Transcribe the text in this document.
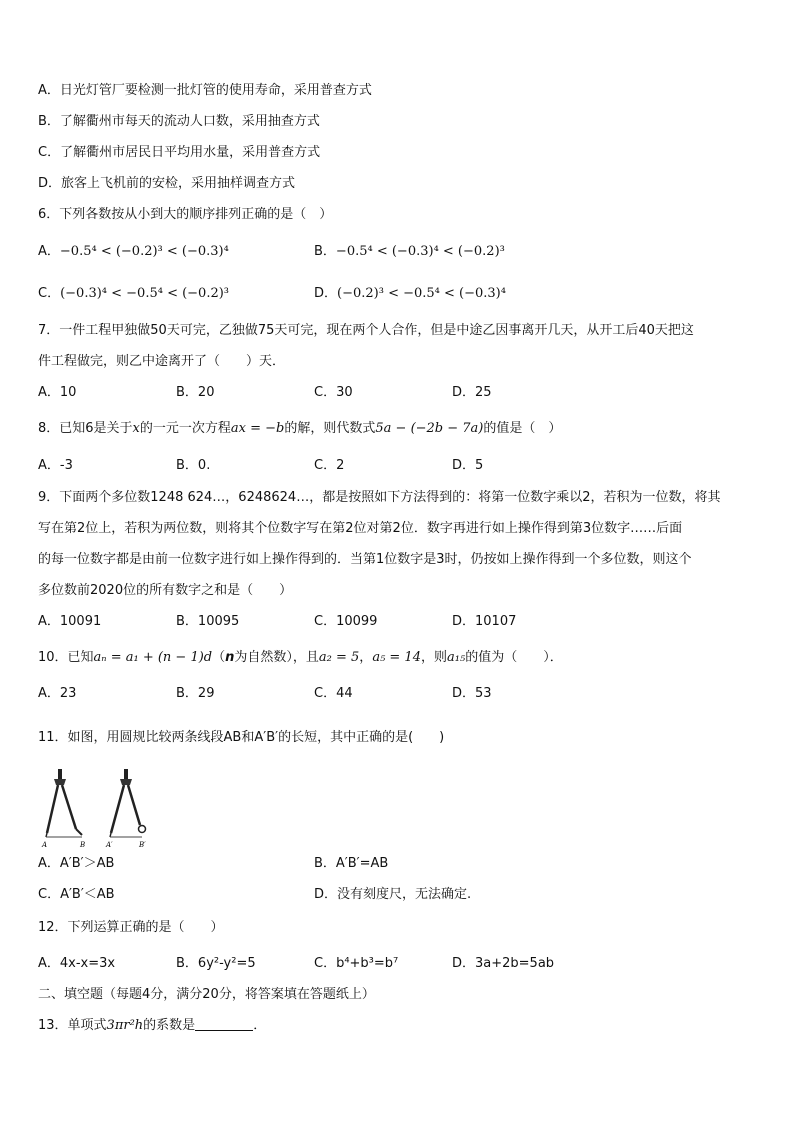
A．日光灯管厂要检测一批灯管的使用寿命，采用普查方式
B．了解衢州市每天的流动人口数，采用抽查方式
C．了解衢州市居民日平均用水量，采用普查方式
D．旅客上飞机前的安检，采用抽样调查方式
6．下列各数按从小到大的顺序排列正确的是（　）
A．−0.5⁴ < (−0.2)³ < (−0.3)⁴	B．−0.5⁴ < (−0.3)⁴ < (−0.2)³
C．(−0.3)⁴ < −0.5⁴ < (−0.2)³	D．(−0.2)³ < −0.5⁴ < (−0.3)⁴
7．一件工程甲独做50天可完，乙独做75天可完，现在两个人合作，但是中途乙因事离开几天，从开工后40天把这
件工程做完，则乙中途离开了（　　）天．
A．10	B．20	C．30	D．25
8．已知6是关于x的一元一次方程ax = −b的解，则代数式5a − (−2b − 7a)的值是（　）
A．-3	B．0.	C．2	D．5
9．下面两个多位数1248 624…，6248624…，都是按照如下方法得到的：将第一位数字乘以2，若积为一位数，将其
写在第2位上，若积为两位数，则将其个位数字写在第2位对第2位．数字再进行如上操作得到第3位数字……后面
的每一位数字都是由前一位数字进行如上操作得到的．当第1位数字是3时，仍按如上操作得到一个多位数，则这个
多位数前2020位的所有数字之和是（　　）
A．10091	B．10095	C．10099	D．10107
10．已知aₙ = a₁ + (n − 1)d（n为自然数），且a₂ = 5，a₅ = 14，则a₁₅的值为（　　）．
A．23	B．29	C．44	D．53
11．如图，用圆规比较两条线段AB和A′B′的长短，其中正确的是(　　)
A	B	A′	B′
A．A′B′＞AB	B．A′B′=AB
C．A′B′＜AB	D．没有刻度尺，无法确定.
12．下列运算正确的是（　　）
A．4x-x=3x	B．6y²-y²=5	C．b⁴+b³=b⁷	D．3a+2b=5ab
二、填空题（每题4分，满分20分，将答案填在答题纸上）
13．单项式3πr²h的系数是	．
